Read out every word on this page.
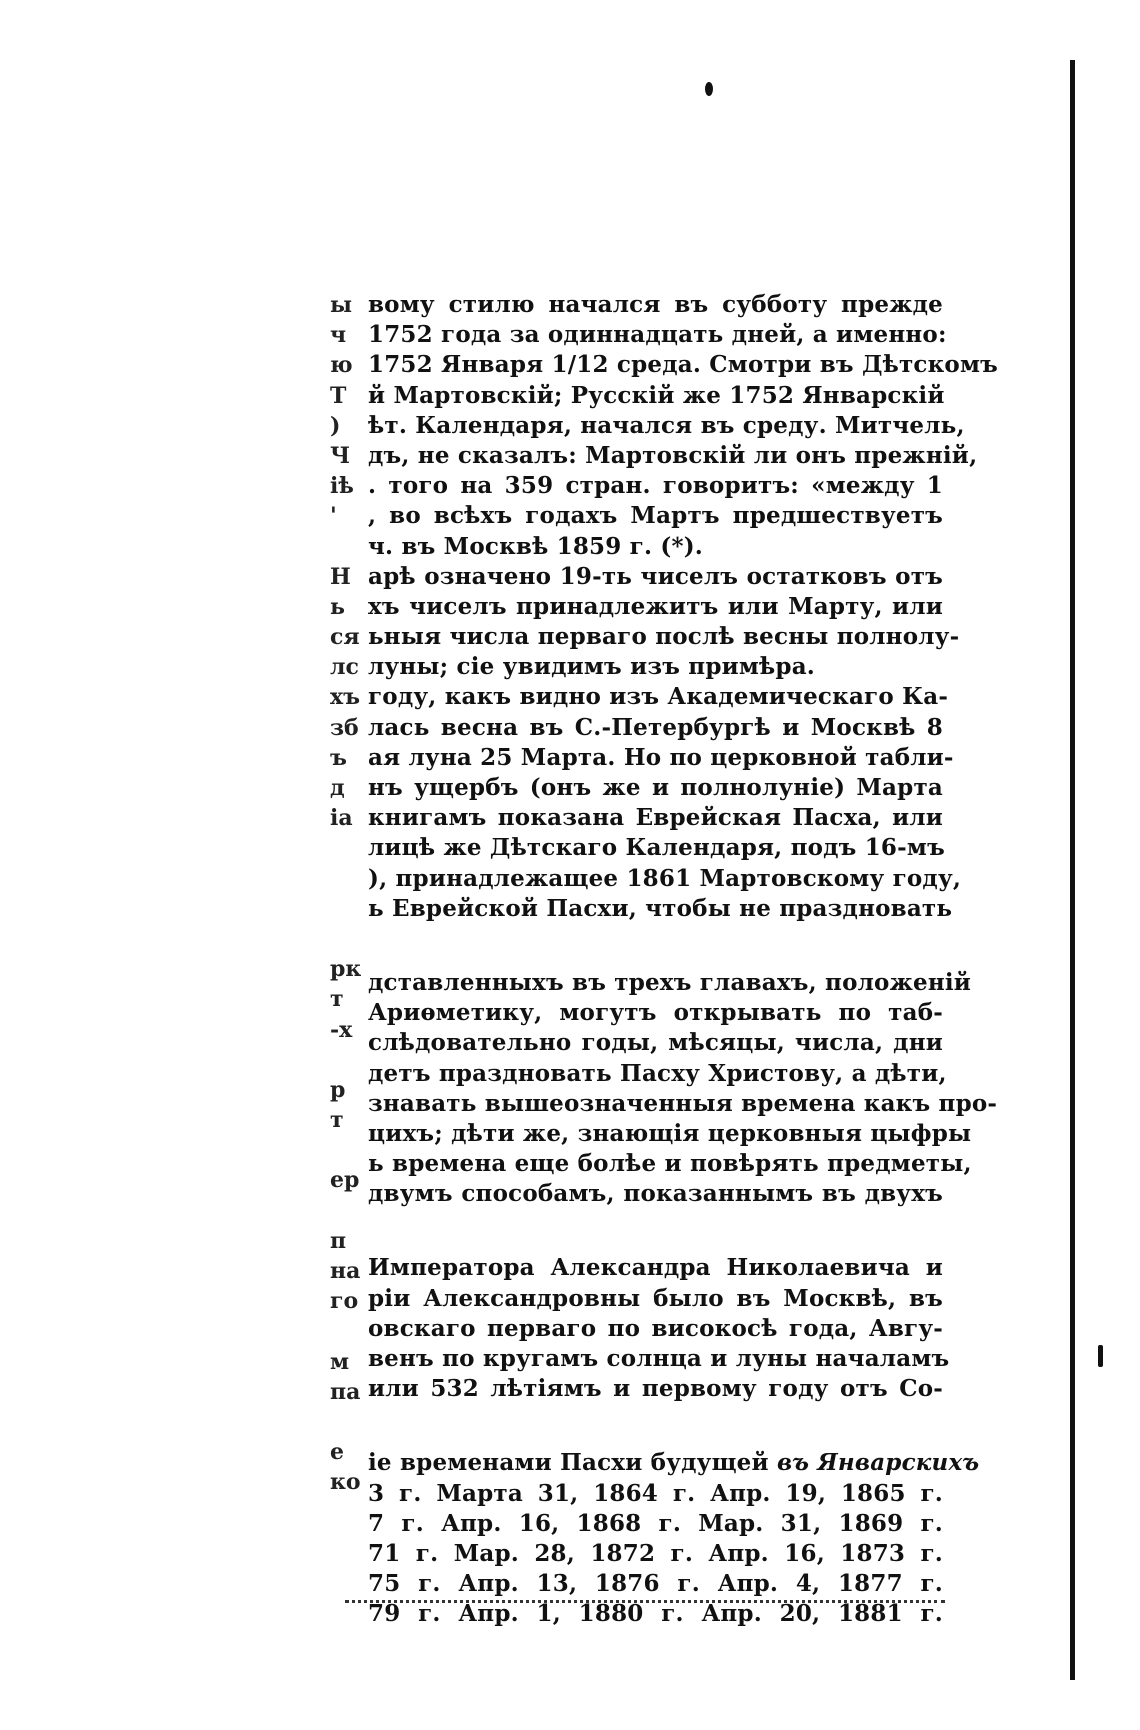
ы
ч
ю
Т
)
Ч
іѣ
'
Н
ь
ся
лс
хъ
зб
ъ
д
іа
рк
т
-х
р
т
ер
п
на
го
м
па
е
ко
вому стилю начался въ субботу прежде
1752 года за одиннадцать дней, а именно:
1752 Января 1/12 среда. Смотри въ Дѣтскомъ
й Мартовскій; Русскій же 1752 Январскій
ѣт. Календаря, начался въ среду. Митчель,
дъ, не сказалъ: Мартовскій ли онъ прежній,
. того на 359 стран. говоритъ: «между 1
, во всѣхъ годахъ Мартъ предшествуетъ
ч. въ Москвѣ 1859 г. (*).
арѣ означено 19-ть чиселъ остатковъ отъ
хъ чиселъ принадлежитъ или Марту, или
ьныя числа перваго послѣ весны полнолу-
луны; сіе увидимъ изъ примѣра.
году, какъ видно изъ Академическаго Ка-
лась весна въ С.-Петербургѣ и Москвѣ 8
ая луна 25 Марта. Но по церковной табли-
нъ ущербъ (онъ же и полнолуніе) Марта
книгамъ показана Еврейская Пасха, или
лицѣ же Дѣтскаго Календаря, подъ 16-мъ
), принадлежащее 1861 Мартовскому году,
ь Еврейской Пасхи, чтобы не праздновать
дставленныхъ въ трехъ главахъ, положеній
Ариѳметику, могутъ открывать по таб-
слѣдовательно годы, мѣсяцы, числа, дни
детъ праздновать Пасху Христову, а дѣти,
знавать вышеозначенныя времена какъ про-
цихъ; дѣти же, знающія церковныя цыфры
ь времена еще болѣе и повѣрять предметы,
двумъ способамъ, показаннымъ въ двухъ
Императора Александра Николаевича и
ріи Александровны было въ Москвѣ, въ
овскаго перваго по високосѣ года, Авгу-
венъ по кругамъ солнца и луны началамъ
или 532 лѣтіямъ и первому году отъ Со-
іе временами Пасхи будущей въ Январскихъ
3 г. Марта 31, 1864 г. Апр. 19, 1865 г.
7 г. Апр. 16, 1868 г. Мар. 31, 1869 г.
71 г. Мар. 28, 1872 г. Апр. 16, 1873 г.
75 г. Апр. 13, 1876 г. Апр. 4, 1877 г.
79 г. Апр. 1, 1880 г. Апр. 20, 1881 г.
